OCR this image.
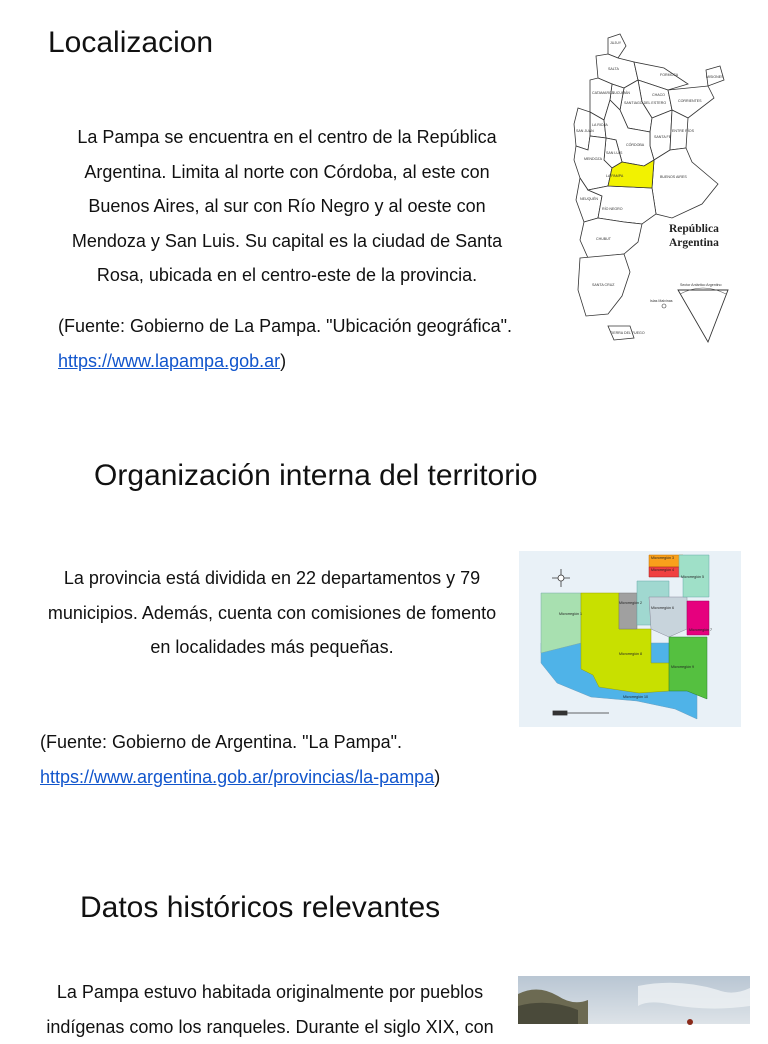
Localizacion

La Pampa se encuentra en el centro de la República

Argentina. Limita al norte con Córdoba, al este con

Buenos Aires, al sur con Río Negro y al oeste con

Mendoza y San Luis. Su capital es la ciudad de Santa

Rosa, ubicada en el centro-este de la provincia.

(Fuente: Gobierno de La Pampa. "Ubicación geográfica".
https://www.lapampa.gob.ar)
República
Argentina
LA PAMPA
MENDOZA
CÓRDOBA
BUENOS AIRES
NEUQUÉN
RÍO NEGRO
CHUBUT
SANTA CRUZ
TIERRA DEL FUEGO
Sector Antártico Argentino
SALTA
JUJUY
CHACO
FORMOSA	MISIONES
CORRIENTES
SANTA FE
ENTRE RÍOS
SANTIAGO DEL ESTERO
TUCUMÁN
CATAMARCA
LA RIOJA
SAN JUAN
SAN LUIS
Islas Malvinas
Organización interna del territorio

La provincia está dividida en 22 departamentos y 79

municipios. Además, cuenta con comisiones de fomento

en localidades más pequeñas.

(Fuente: Gobierno de Argentina. "La Pampa".
https://www.argentina.gob.ar/provincias/la-pampa)
Microrregión 1
Microrregión 2
Microrregión 3
Microrregión 4
Microrregión 5
Microrregión 6
Microrregión 7
Microrregión 8
Microrregión 9
Microrregión 10
Datos históricos relevantes

La Pampa estuvo habitada originalmente por pueblos

indígenas como los ranqueles. Durante el siglo XIX, con
